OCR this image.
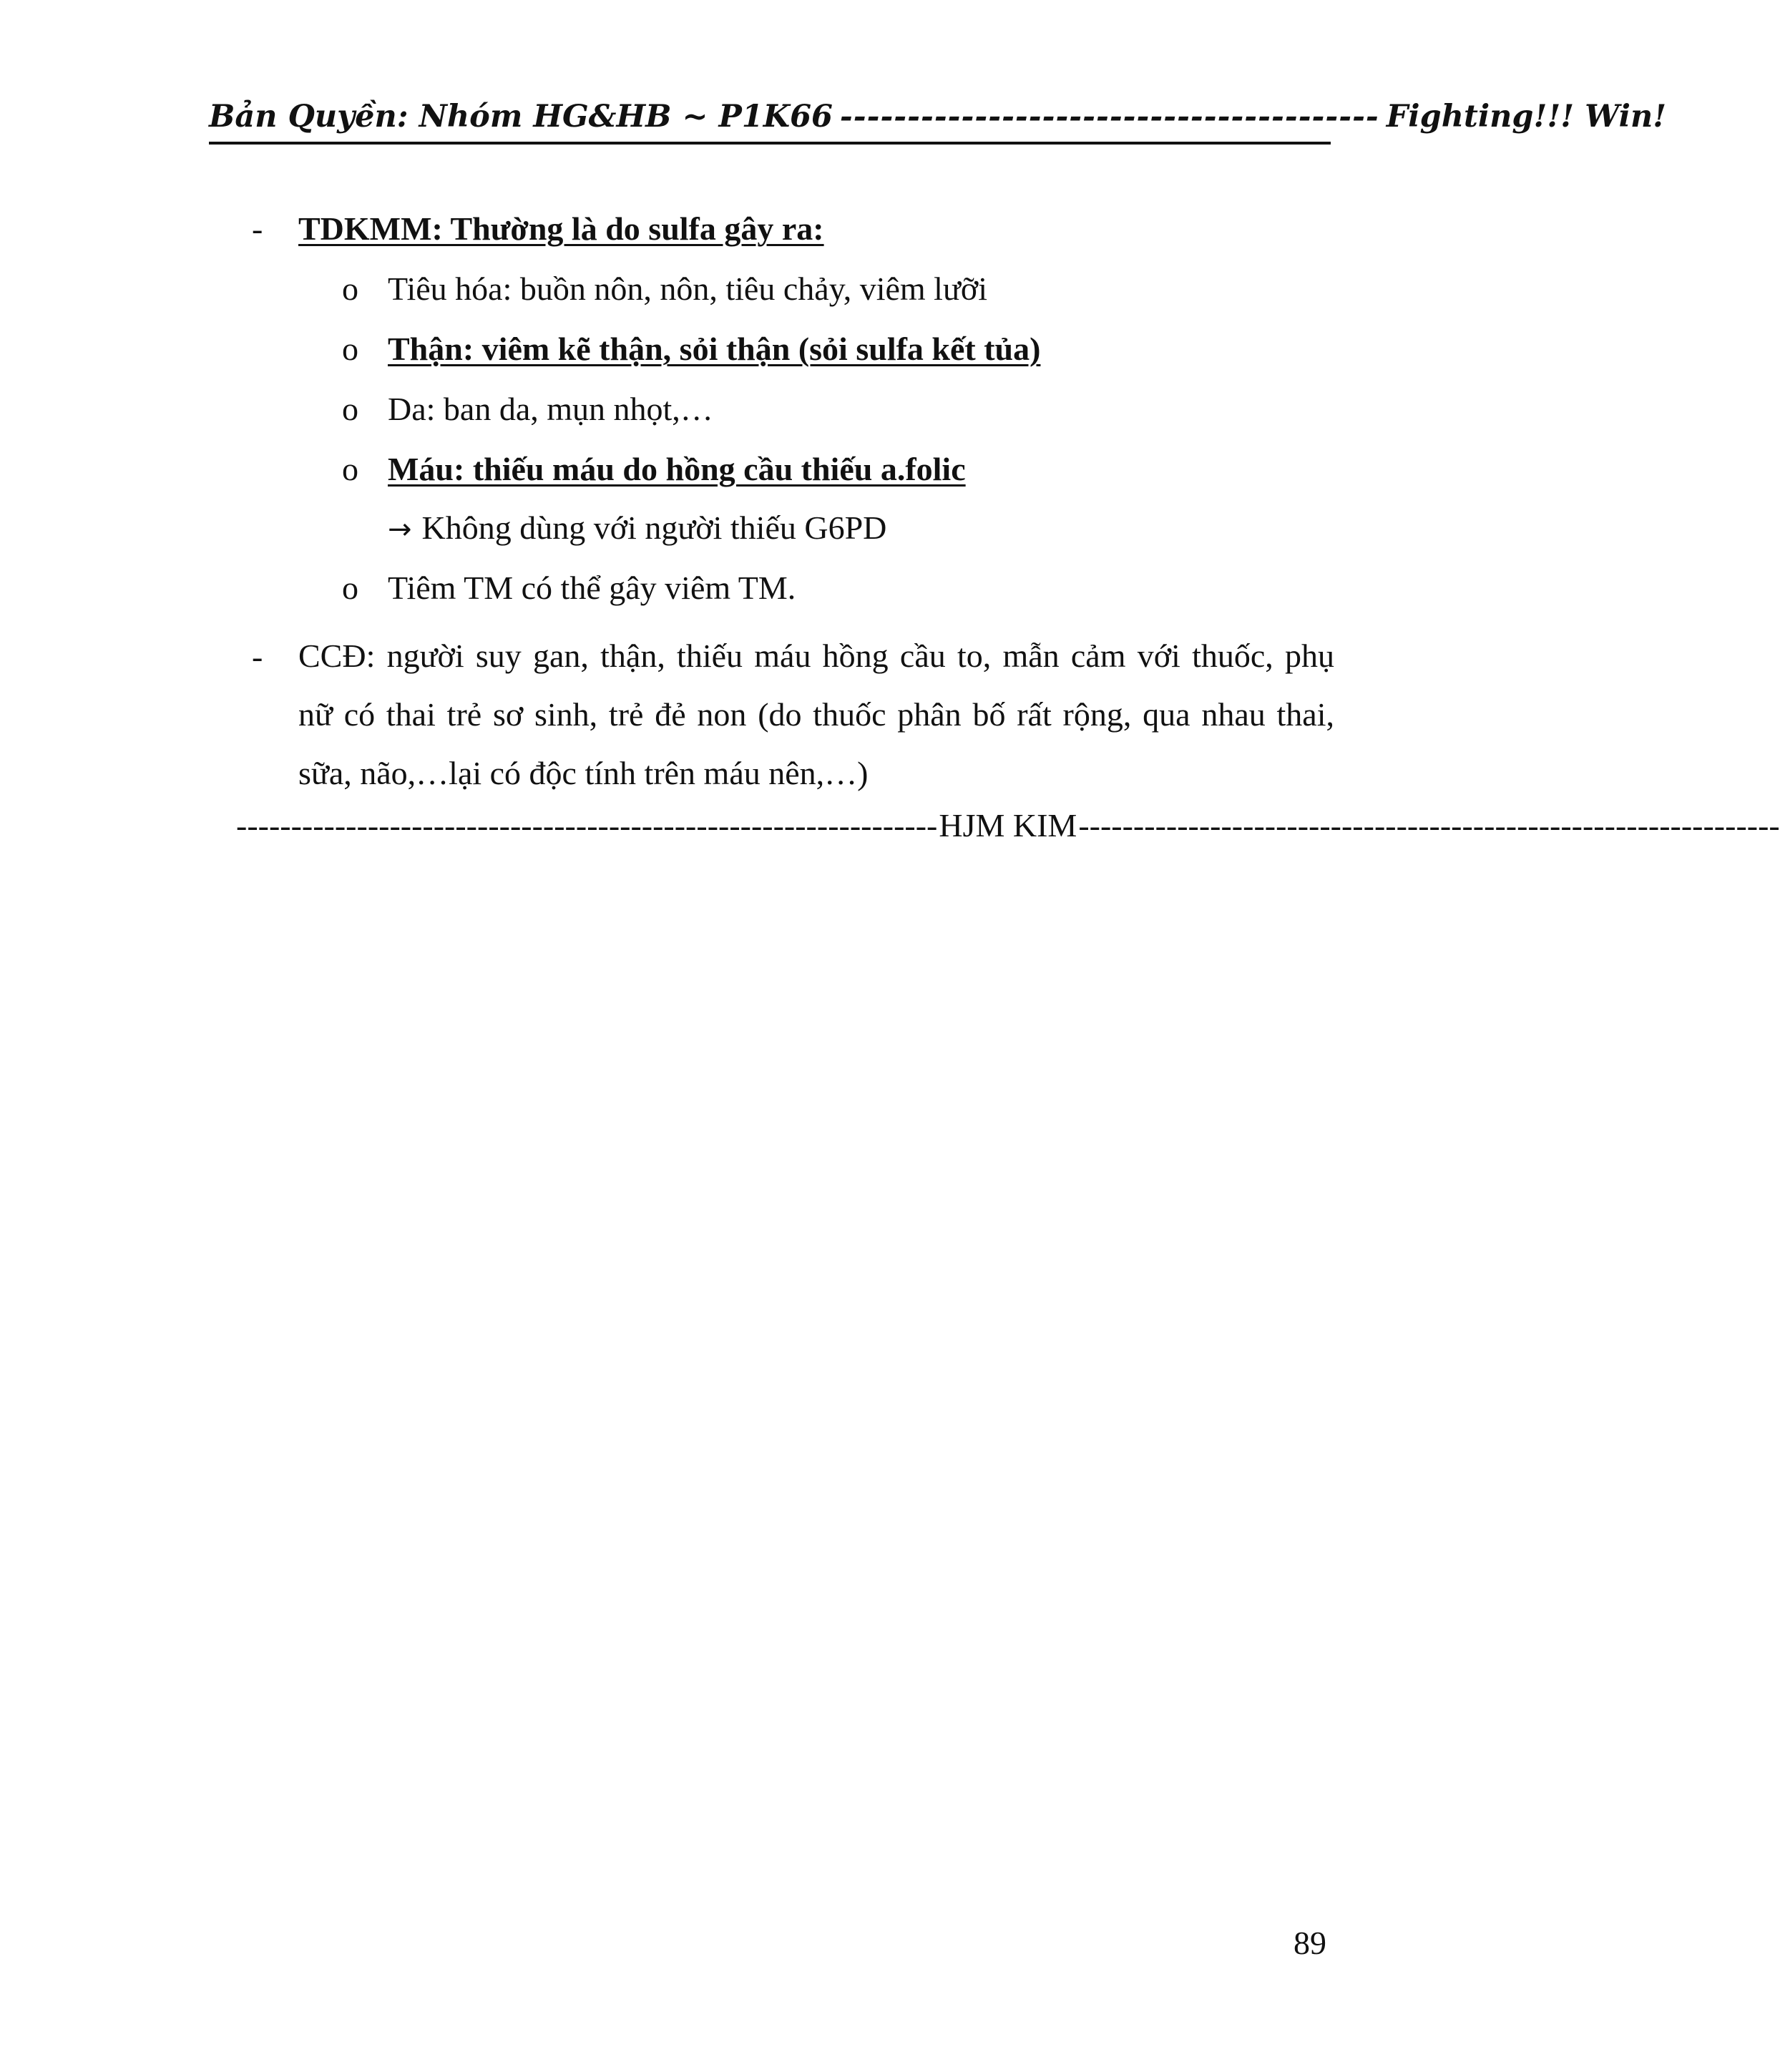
Bản Quyền: Nhóm HG&HB ~ P1K66 ---------------------------------------- Fighting!!! Win!
- TDKMM: Thường là do sulfa gây ra:
o Tiêu hóa: buồn nôn, nôn, tiêu chảy, viêm lưỡi
o Thận: viêm kẽ thận, sỏi thận (sỏi sulfa kết tủa)
o Da: ban da, mụn nhọt,…
o Máu: thiếu máu do hồng cầu thiếu a.folic
→ Không dùng với người thiếu G6PD
o Tiêm TM có thể gây viêm TM.
- CCĐ: người suy gan, thận, thiếu máu hồng cầu to, mẫn cảm với thuốc, phụ
nữ có thai trẻ sơ sinh, trẻ đẻ non (do thuốc phân bố rất rộng, qua nhau thai,
sữa, não,…lại có độc tính trên máu nên,…)
---------------------------------------------------------------- HJM KIM ----------------------------------------------------------------
89
